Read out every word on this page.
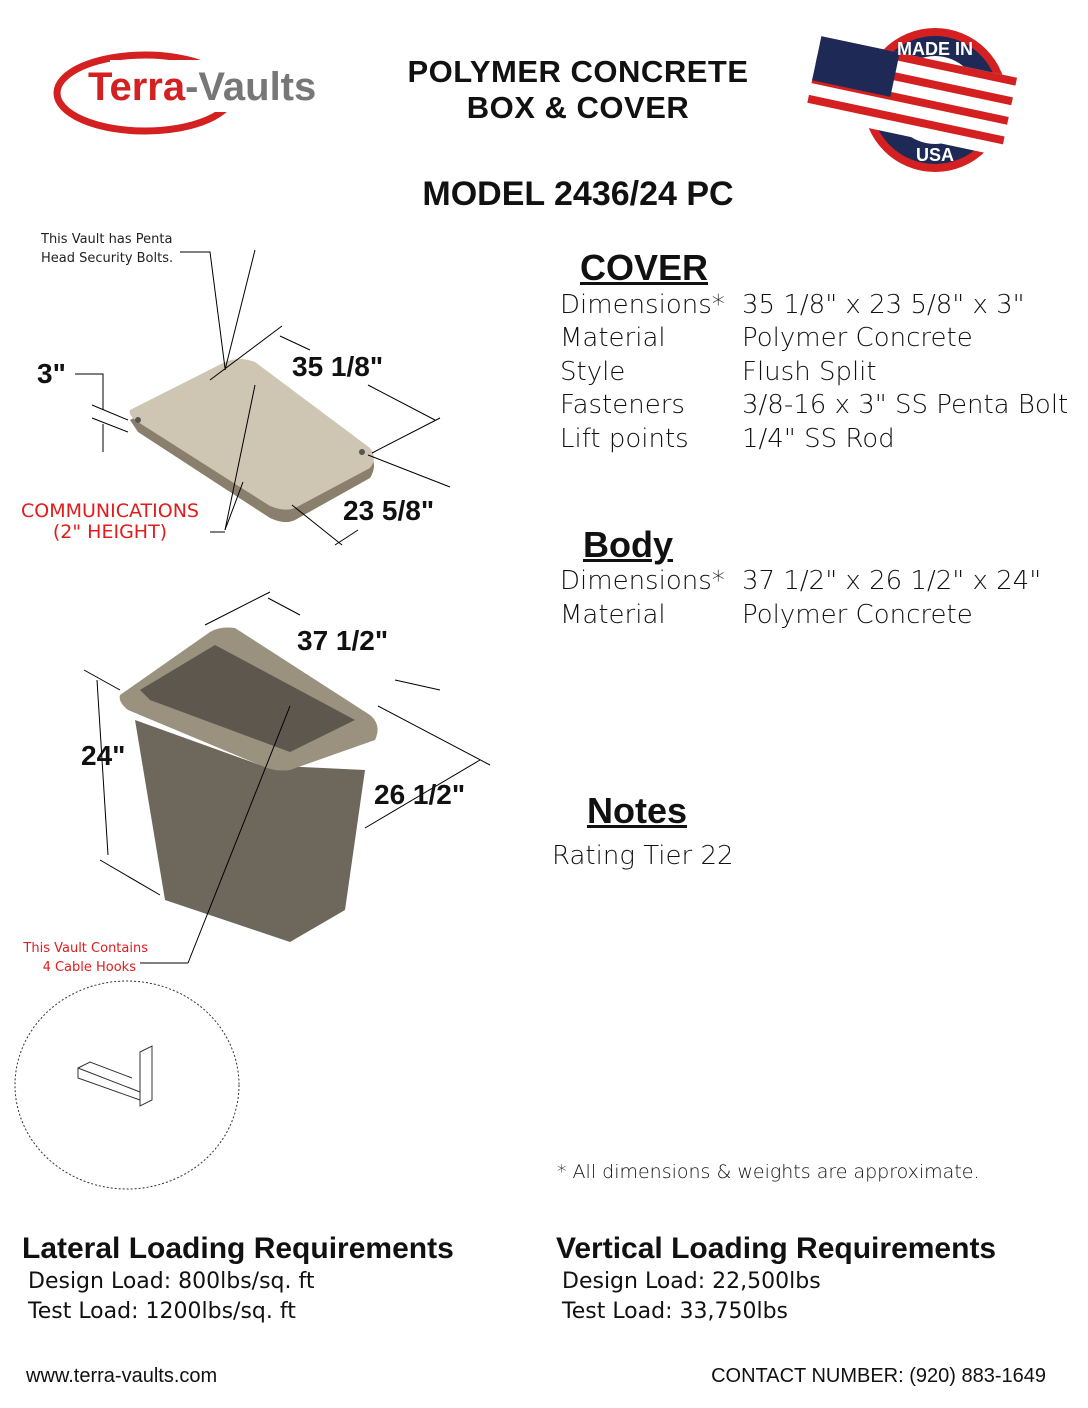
Terra-Vaults	POLYMER CONCRETE
BOX & COVER
MODEL 2436/24 PC
MADE IN
USA
This Vault has Penta
Head Security Bolts.
COMMUNICATIONS
(2" HEIGHT)
This Vault Contains
4 Cable Hooks
3"	35 1/8"
23 5/8"
37 1/2"
26 1/2"
24"
COVER
Dimensions* 35 1/8" x 23 5/8" x 3"
Material	Polymer Concrete
Style	Flush Split
Fasteners 3/8-16 x 3" SS Penta Bolt
Lift points 1/4" SS Rod
Body
Dimensions* 37 1/2" x 26 1/2" x 24"
Material	Polymer Concrete
Notes
Rating Tier 22
* All dimensions & weights are approximate.
Lateral Loading Requirements
Design Load: 800lbs/sq. ft
Test Load: 1200lbs/sq. ft
Vertical Loading Requirements
Design Load: 22,500lbs
Test Load: 33,750lbs
www.terra-vaults.com	CONTACT NUMBER: (920) 883-1649
